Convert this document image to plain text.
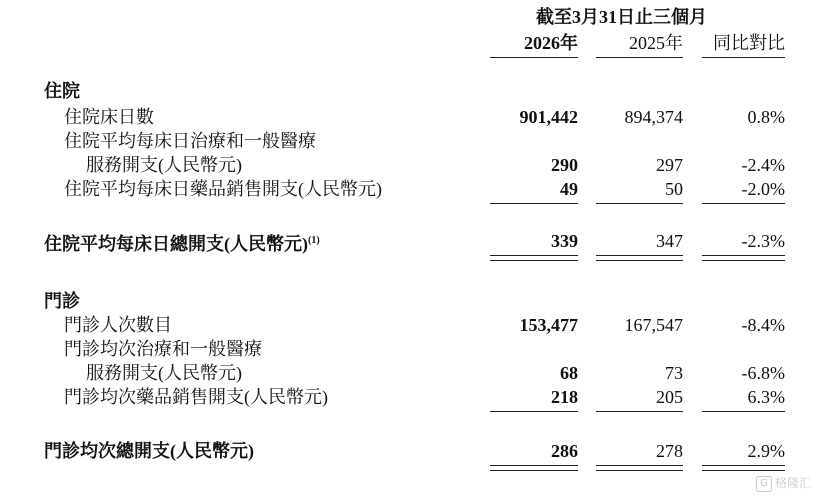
截至3月31日止三個月
2026年	2025年	同比對比
住院
住院床日數	901,442	894,374	0.8%
住院平均每床日治療和一般醫療
服務開支(人民幣元)	290	297	-2.4%
住院平均每床日藥品銷售開支(人民幣元)	49	50	-2.0%
住院平均每床日總開支(人民幣元)$^{(1)}$	339	347	-2.3%
門診
門診人次數目	153,477	167,547	-8.4%
門診均次治療和一般醫療
服務開支(人民幣元)	68	73	-6.8%
門診均次藥品銷售開支(人民幣元)	218	205	6.3%
門診均次總開支(人民幣元)	286	278	2.9%
G 格隆汇
